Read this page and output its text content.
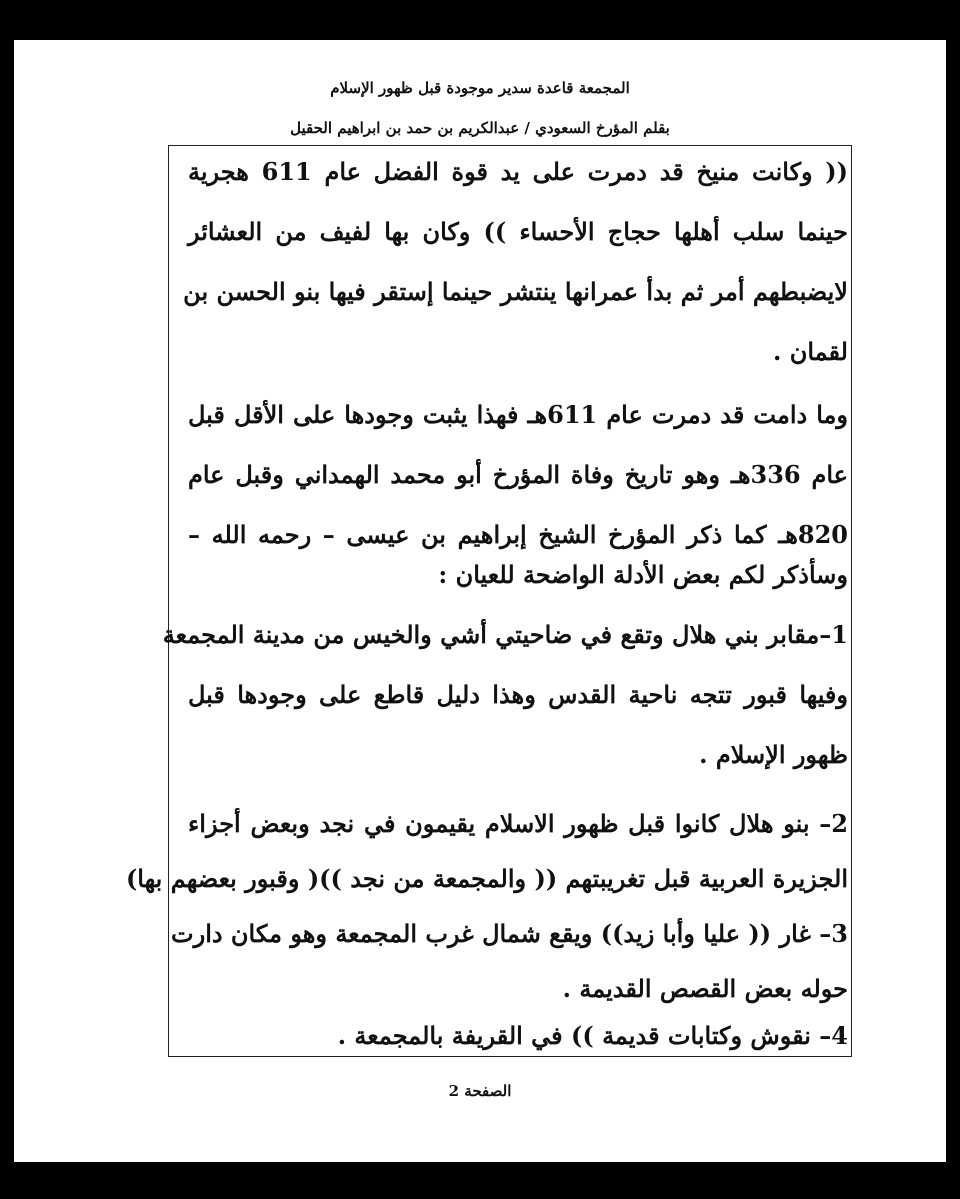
المجمعة قاعدة سدير موجودة قبل ظهور الإسلام
بقلم المؤرخ السعودي / عبدالكريم بن حمد بن ابراهيم الحقيل
(( وكانت منيخ قد دمرت على يد قوة الفضل عام 611 هجرية
حينما سلب أهلها حجاج الأحساء )) وكان بها لفيف من العشائر
لايضبطهم أمر ثم بدأ عمرانها ينتشر حينما إستقر فيها بنو الحسن بن
لقمان .
وما دامت قد دمرت عام 611هـ فهذا يثبت وجودها على الأقل قبل
عام 336هـ وهو تاريخ وفاة المؤرخ أبو محمد الهمداني وقبل عام
820هـ كما ذكر المؤرخ الشيخ إبراهيم بن عيسى – رحمه الله –
وسأذكر لكم بعض الأدلة الواضحة للعيان :
1–مقابر بني هلال وتقع في ضاحيتي أشي والخيس من مدينة المجمعة
وفيها قبور تتجه ناحية القدس وهذا دليل قاطع على وجودها قبل
ظهور الإسلام .
2– بنو هلال كانوا قبل ظهور الاسلام يقيمون في نجد وبعض أجزاء
الجزيرة العربية قبل تغريبتهم (( والمجمعة من نجد ))( وقبور بعضهم بها)
3– غار (( عليا وأبا زيد)) ويقع شمال غرب المجمعة وهو مكان دارت
حوله بعض القصص القديمة .
4– نقوش وكتابات قديمة )) في القريفة بالمجمعة .
الصفحة 2
